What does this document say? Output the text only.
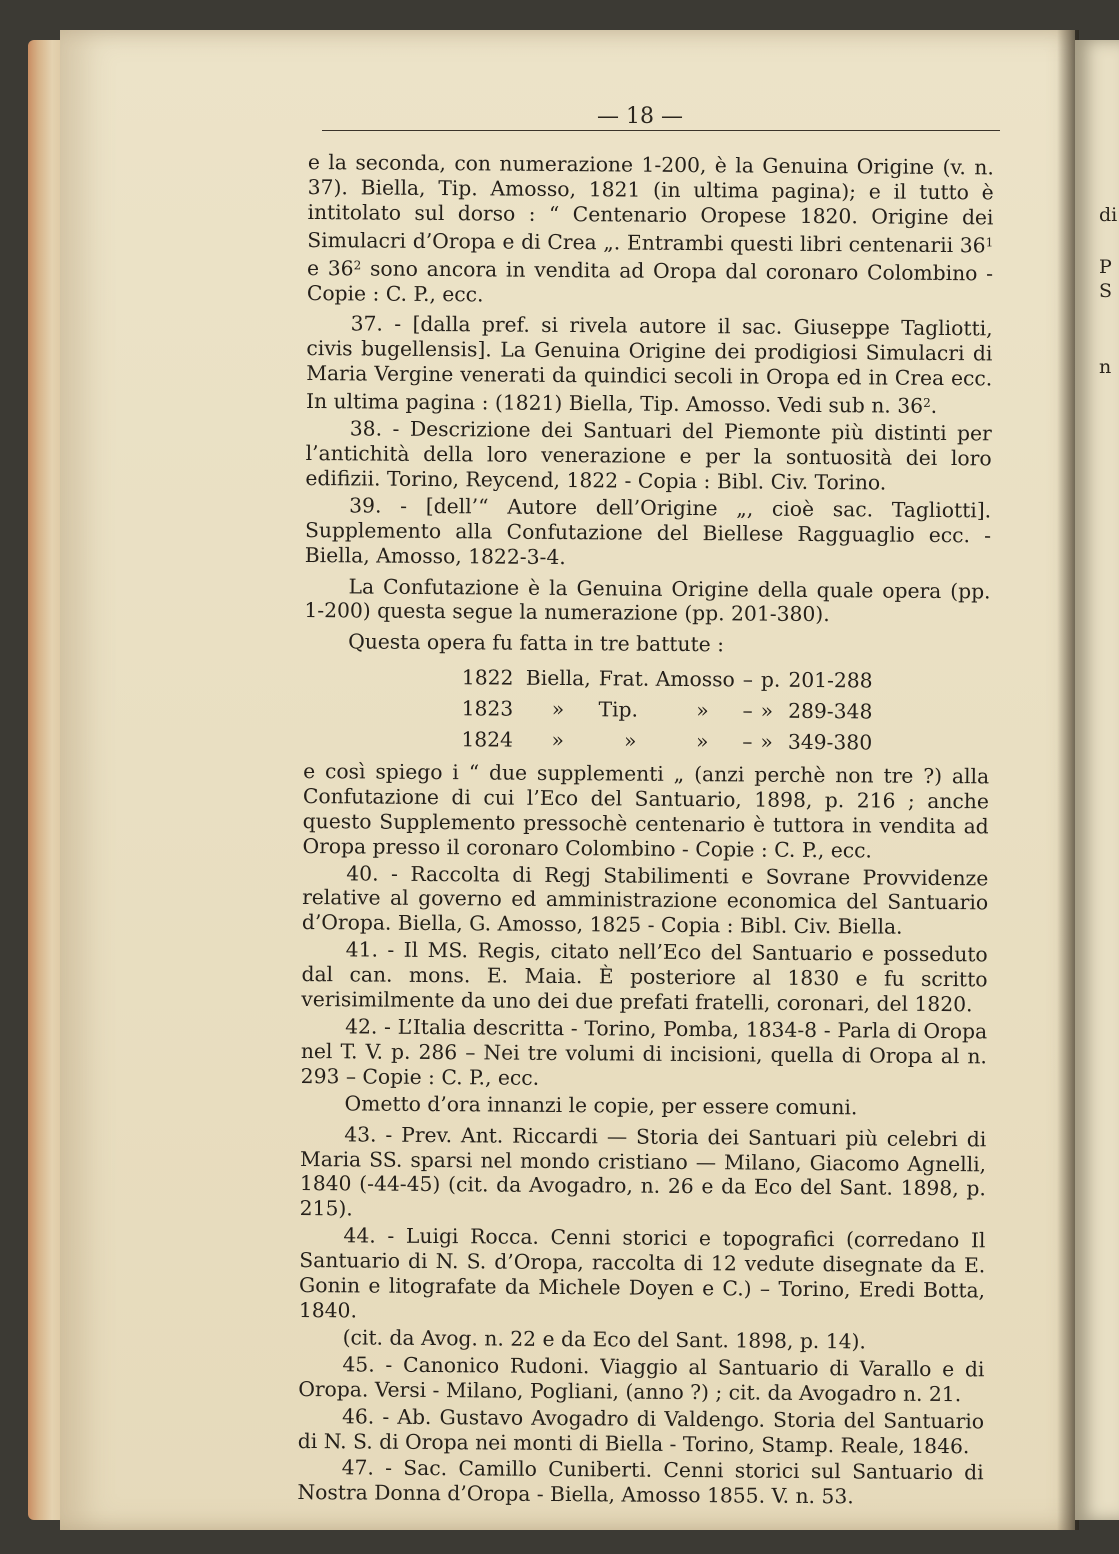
di
P
S
n
— 18 —

e la seconda, con numerazione 1-200, è la Genuina Origine (v. n. 37). Biella, Tip. Amosso, 1821 (in ultima pagina); e il tutto è intitolato sul dorso : “ Centenario Oropese 1820. Origine dei Simulacri d’Oropa e di Crea „. Entrambi questi libri centenarii $36^1$ e $36^2$ sono ancora in vendita ad Oropa dal coronaro Colombino - Copie : C. P., ecc.

37. - [dalla pref. si rivela autore il sac. Giuseppe Tagliotti, civis bugellensis]. La Genuina Origine dei prodigiosi Simulacri di Maria Vergine venerati da quindici secoli in Oropa ed in Crea ecc. In ultima pagina : (1821) Biella, Tip. Amosso. Vedi sub n. $36^2$.

38. - Descrizione dei Santuari del Piemonte più distinti per l’antichità della loro venerazione e per la sontuosità dei loro edifizii. Torino, Reycend, 1822 - Copia : Bibl. Civ. Torino.

39. - [dell’“ Autore dell’Origine „, cioè sac. Tagliotti]. Supplemento alla Confutazione del Biellese Ragguaglio ecc. - Biella, Amosso, 1822-3-4.

La Confutazione è la Genuina Origine della quale opera (pp. 1-200) questa segue la numerazione (pp. 201-380).

Questa opera fu fatta in tre battute :

1822	Biella,	Frat. Amosso		–	p.	201-288
1823	»	Tip.	»	–	»	289-348
1824	»	»	»	–	»	349-380

e così spiego i “ due supplementi „ (anzi perchè non tre ?) alla Confutazione di cui l’Eco del Santuario, 1898, p. 216 ; anche questo Supplemento pressochè centenario è tuttora in vendita ad Oropa presso il coronaro Colombino - Copie : C. P., ecc.

40. - Raccolta di Regj Stabilimenti e Sovrane Provvidenze relative al governo ed amministrazione economica del Santuario d’Oropa. Biella, G. Amosso, 1825 - Copia : Bibl. Civ. Biella.

41. - Il MS. Regis, citato nell’Eco del Santuario e posseduto dal can. mons. E. Maia. È posteriore al 1830 e fu scritto verisimilmente da uno dei due prefati fratelli, coronari, del 1820.

42. - L’Italia descritta - Torino, Pomba, 1834-8 - Parla di Oropa nel T. V. p. 286 – Nei tre volumi di incisioni, quella di Oropa al n. 293 – Copie : C. P., ecc.

Ometto d’ora innanzi le copie, per essere comuni.

43. - Prev. Ant. Riccardi — Storia dei Santuari più celebri di Maria SS. sparsi nel mondo cristiano — Milano, Giacomo Agnelli, 1840 (-44-45) (cit. da Avogadro, n. 26 e da Eco del Sant. 1898, p. 215).

44. - Luigi Rocca. Cenni storici e topografici (corredano Il Santuario di N. S. d’Oropa, raccolta di 12 vedute disegnate da E. Gonin e litografate da Michele Doyen e C.) – Torino, Eredi Botta, 1840.

(cit. da Avog. n. 22 e da Eco del Sant. 1898, p. 14).

45. - Canonico Rudoni. Viaggio al Santuario di Varallo e di Oropa. Versi - Milano, Pogliani, (anno ?) ; cit. da Avogadro n. 21.

46. - Ab. Gustavo Avogadro di Valdengo. Storia del Santuario di N. S. di Oropa nei monti di Biella - Torino, Stamp. Reale, 1846.

47. - Sac. Camillo Cuniberti. Cenni storici sul Santuario di Nostra Donna d’Oropa - Biella, Amosso 1855. V. n. 53.
